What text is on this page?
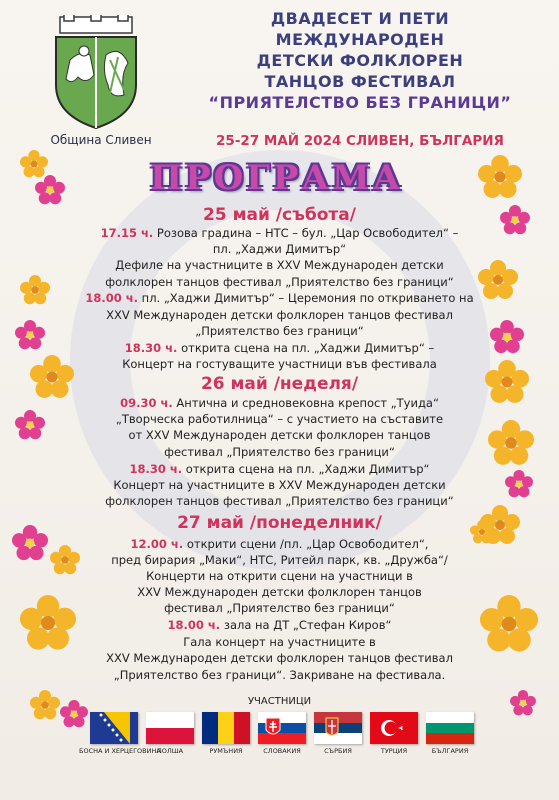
Община Сливен
ДВАДЕСЕТ И ПЕТИ
МЕЖДУНАРОДЕН
ДЕТСКИ ФОЛКЛОРЕН
ТАНЦОВ ФЕСТИВАЛ
“ПРИЯТЕЛСТВО БЕЗ ГРАНИЦИ”
25-27 МАЙ 2024 СЛИВЕН, БЪЛГАРИЯ
ПРОГРАМА
25 май /събота/
17.15 ч. Розова градина – НТС – бул. „Цар Освободител“ –
пл. „Хаджи Димитър“
Дефиле на участниците в XXV Международен детски
фолклорен танцов фестивал „Приятелство без граници“
18.00 ч. пл. „Хаджи Димитър“ – Церемония по откриването на
XXV Международен детски фолклорен танцов фестивал
„Приятелство без граници“
18.30 ч. открита сцена на пл. „Хаджи Димитър“ –
Концерт на гостуващите участници във фестивала
26 май /неделя/
09.30 ч. Антична и средновековна крепост „Туида“
„Творческа работилница“ – с участието на съставите
от XXV Международен детски фолклорен танцов
фестивал „Приятелство без граници“
18.30 ч. открита сцена на пл. „Хаджи Димитър“
Концерт на участниците в XXV Международен детски
фолклорен танцов фестивал „Приятелство без граници“
27 май /понеделник/
12.00 ч. открити сцени /пл. „Цар Освободител“,
пред бирария „Маки“, НТС, Ритейл парк, кв. „Дружба“/
Концерти на открити сцени на участници в
XXV Международен детски фолклорен танцов
фестивал „Приятелство без граници“
18.00 ч. зала на ДТ „Стефан Киров“
Гала концерт на участниците в
XXV Международен детски фолклорен танцов фестивал
„Приятелство без граници“. Закриване на фестивала.
УЧАСТНИЦИ
БОСНА И ХЕРЦЕГОВИНА
ПОЛША	РУМЪНИЯ	СЛОВАКИЯ	СЪРБИЯ	ТУРЦИЯ	БЪЛГАРИЯ
